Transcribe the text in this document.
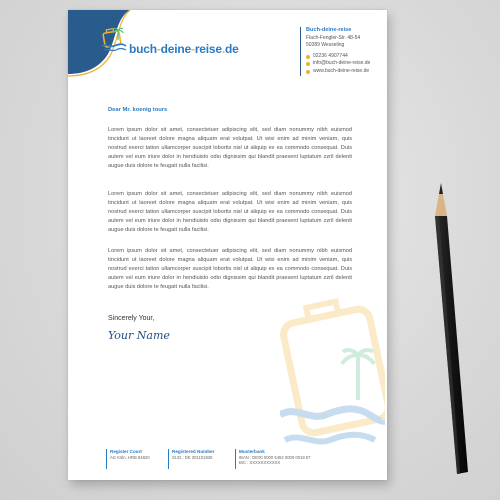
buch-deine-reise.de
Buch-deine-reise
Flach-Fengler-Str. 48-54
50389 Wesseling
02236 4907744
info@buch-deine-reise.de
www.buch-deine-reise.de
Dear Mr. koenig tours

Lorem ipsum dolor sit amet, consectetuer adipiscing elit, sed diam nonummy nibh euismod tincidunt ut laoreet dolore magna aliquam erat volutpat. Ut wisi enim ad minim veniam, quis nostrud exerci tation ullamcorper suscipit lobortis nisl ut aliquip ex ea commodo consequat. Duis autem vel eum iriure dolor in hendiuisto odio dignissim qui blandit praesent luptatum zzril delenit augue duis dolore te feugait nulla facilisi.

Lorem ipsum dolor sit amet, consectetuer adipiscing elit, sed diam nonummy nibh euismod tincidunt ut laoreet dolore magna aliquam erat volutpat. Ut wisi enim ad minim veniam, quis nostrud exerci tation ullamcorper suscipit lobortis nisl ut aliquip ex ea commodo consequat. Duis autem vel eum iriure dolor in hendiuisto odio dignissim qui blandit praesent luptatum zzril delenit augue duis dolore te feugait nulla facilisi.

Lorem ipsum dolor sit amet, consectetuer adipiscing elit, sed diam nonummy nibh euismod tincidunt ut laoreet dolore magna aliquam erat volutpat. Ut wisi enim ad minim veniam, quis nostrud exerci tation ullamcorper suscipit lobortis nisl ut aliquip ex ea commodo consequat. Duis autem vel eum iriure dolor in hendiuisto odio dignissim qui blandit praesent luptatum zzril delenit augue duis dolore te feugait nulla facilisi.

Sincerely Your,
Your Name
Register Court
AG Köln, HRB 84820
Registered Number
St.ID.: DE 301101936
Musterbank
IBAN : DE00 0000 5452 0000 0019 57
BIC : XXXXXXXXXXX
